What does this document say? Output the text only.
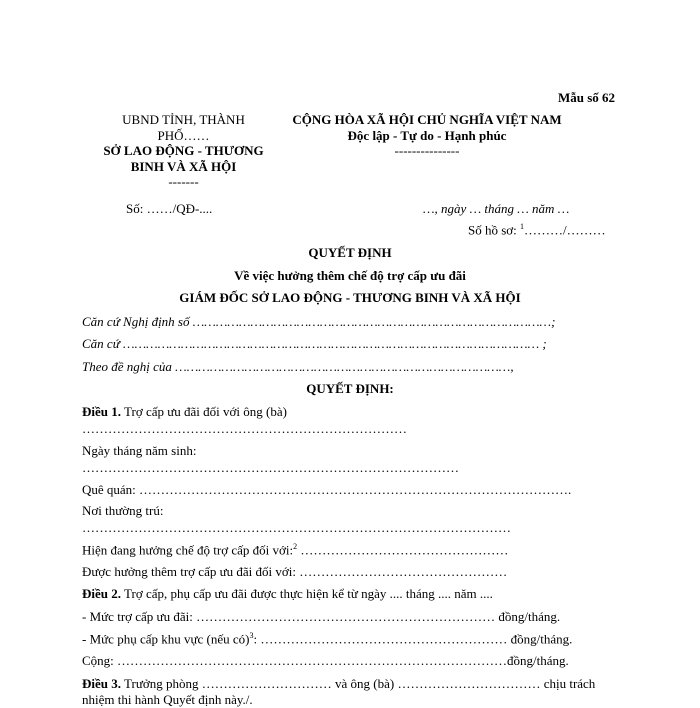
Mẫu số 62
UBND TỈNH, THÀNH
PHỐ……
SỞ LAO ĐỘNG - THƯƠNG
BINH VÀ XÃ HỘI
-------
CỘNG HÒA XÃ HỘI CHỦ NGHĨA VIỆT NAM
Độc lập - Tự do - Hạnh phúc
---------------
Số: ……/QĐ-....	…, ngày … tháng … năm …
Số hồ sơ: $^1$………/………
QUYẾT ĐỊNH
Về việc hưởng thêm chế độ trợ cấp ưu đãi
GIÁM ĐỐC SỞ LAO ĐỘNG - THƯƠNG BINH VÀ XÃ HỘI
Căn cứ Nghị định số …………………………………………………………………………………;
Căn cứ ……………………………………………………………………………………………… ;
Theo đề nghị của ……………………………………………………………………………,
QUYẾT ĐỊNH:
Điều 1. Trợ cấp ưu đãi đối với ông (bà)
…………………………………………………………………
Ngày tháng năm sinh:
……………………………………………………………………………
Quê quán: ……………………………………………………………………………………….
Nơi thường trú:
………………………………………………………………………………………
Hiện đang hưởng chế độ trợ cấp đối với:$^2$ …………………………………………
Được hưởng thêm trợ cấp ưu đãi đối với: …………………………………………
Điều 2. Trợ cấp, phụ cấp ưu đãi được thực hiện kể từ ngày .... tháng .... năm ....
- Mức trợ cấp ưu đãi: …………………………………………………………… đồng/tháng.
- Mức phụ cấp khu vực (nếu có)$^3$: ………………………………………………… đồng/tháng.
Cộng: ………………………………………………………………………………đồng/tháng.
Điều 3. Trưởng phòng ………………………… và ông (bà) …………………………… chịu trách
nhiệm thi hành Quyết định này./.
